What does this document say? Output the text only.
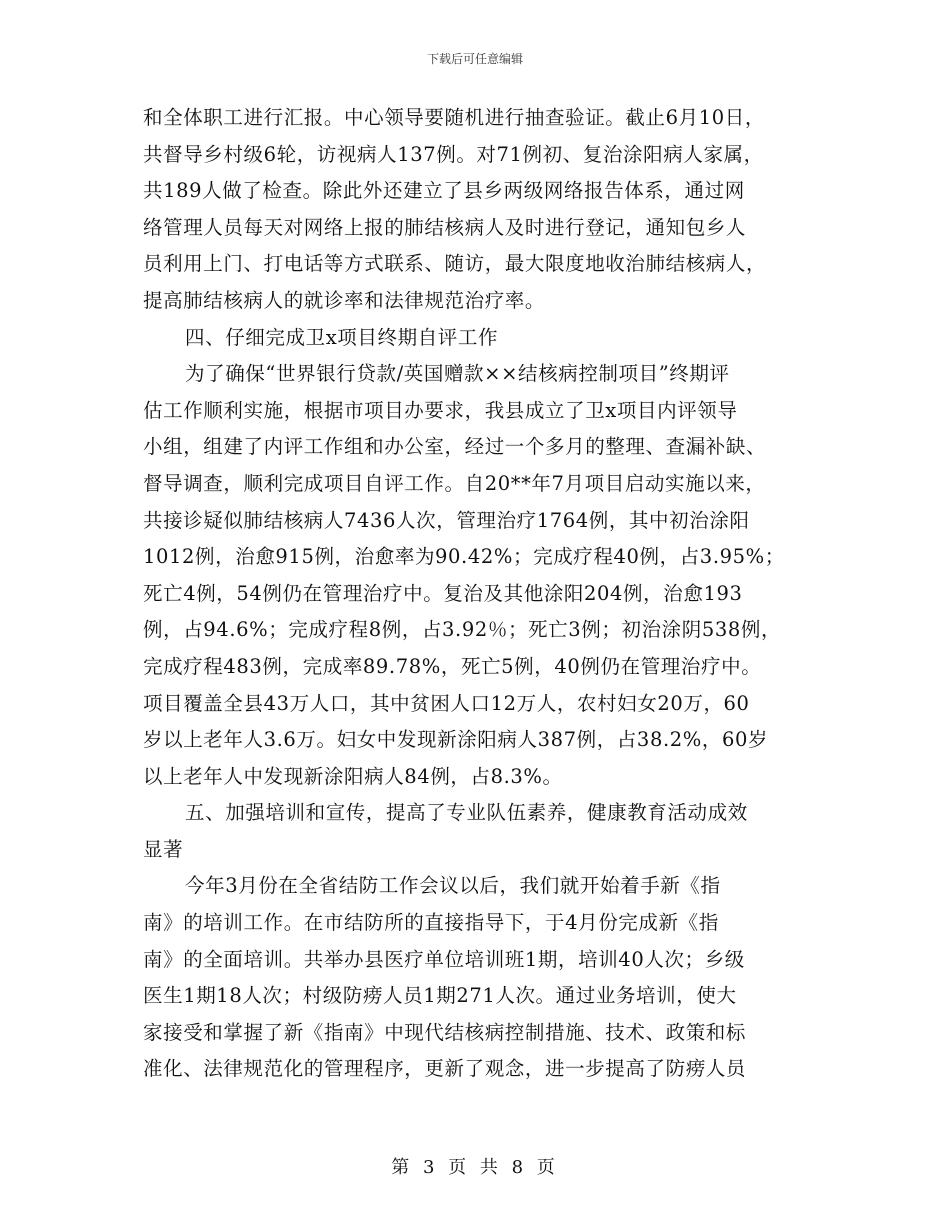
下载后可任意编辑
和全体职工进行汇报。中心领导要随机进行抽查验证。截止6月10日，
共督导乡村级6轮，访视病人137例。对71例初、复治涂阳病人家属，
共189人做了检查。除此外还建立了县乡两级网络报告体系，通过网
络管理人员每天对网络上报的肺结核病人及时进行登记，通知包乡人
员利用上门、打电话等方式联系、随访，最大限度地收治肺结核病人，
提高肺结核病人的就诊率和法律规范治疗率。
四、仔细完成卫x项目终期自评工作
为了确保“世界银行贷款/英国赠款××结核病控制项目”终期评
估工作顺利实施，根据市项目办要求，我县成立了卫x项目内评领导
小组，组建了内评工作组和办公室，经过一个多月的整理、查漏补缺、
督导调查，顺利完成项目自评工作。自20**年7月项目启动实施以来，
共接诊疑似肺结核病人7436人次，管理治疗1764例，其中初治涂阳
1012例，治愈915例，治愈率为90.42%；完成疗程40例，占3.95%；
死亡4例，54例仍在管理治疗中。复治及其他涂阳204例，治愈193
例，占94.6%；完成疗程8例，占3.92％；死亡3例；初治涂阴538例，
完成疗程483例，完成率89.78%，死亡5例，40例仍在管理治疗中。
项目覆盖全县43万人口，其中贫困人口12万人，农村妇女20万，60
岁以上老年人3.6万。妇女中发现新涂阳病人387例，占38.2%，60岁
以上老年人中发现新涂阳病人84例，占8.3%。
五、加强培训和宣传，提高了专业队伍素养，健康教育活动成效
显著
今年3月份在全省结防工作会议以后，我们就开始着手新《指
南》的培训工作。在市结防所的直接指导下，于4月份完成新《指
南》的全面培训。共举办县医疗单位培训班1期，培训40人次；乡级
医生1期18人次；村级防痨人员1期271人次。通过业务培训，使大
家接受和掌握了新《指南》中现代结核病控制措施、技术、政策和标
准化、法律规范化的管理程序，更新了观念，进一步提高了防痨人员
第 3 页 共 8 页
